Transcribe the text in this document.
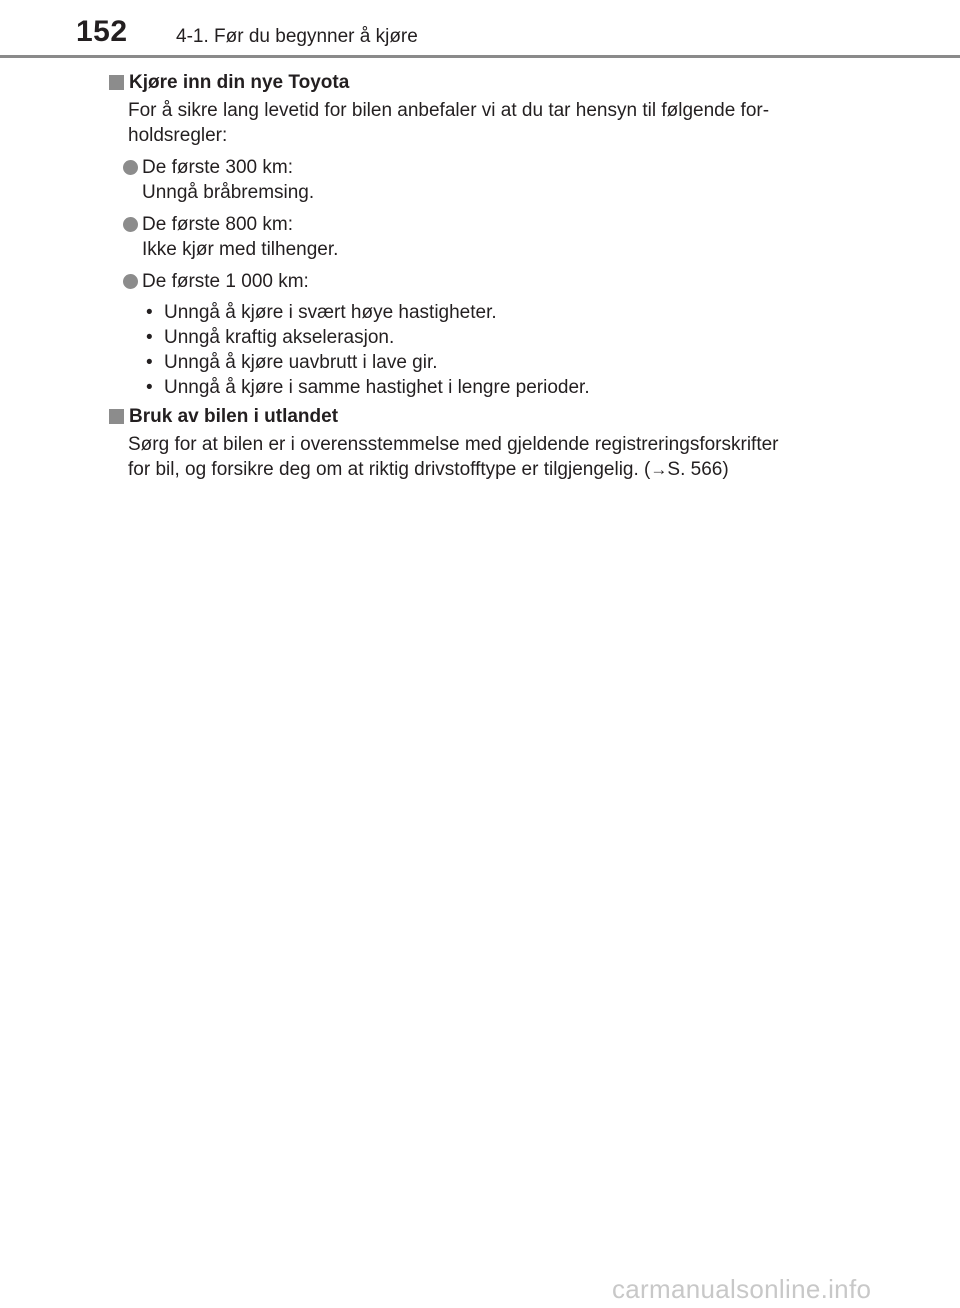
152	4-1. Før du begynner å kjøre

Kjøre inn din nye Toyota

For å sikre lang levetid for bilen anbefaler vi at du tar hensyn til følgende for-
holdsregler:

De første 300 km:
Unngå bråbremsing.
De første 800 km:
Ikke kjør med tilhenger.
De første 1 000 km:
• Unngå å kjøre i svært høye hastigheter.
• Unngå kraftig akselerasjon.
• Unngå å kjøre uavbrutt i lave gir.
• Unngå å kjøre i samme hastighet i lengre perioder.

Bruk av bilen i utlandet

Sørg for at bilen er i overensstemmelse med gjeldende registreringsforskrifter
for bil, og forsikre deg om at riktig drivstofftype er tilgjengelig. (→S. 566)

carmanualsonline.info
